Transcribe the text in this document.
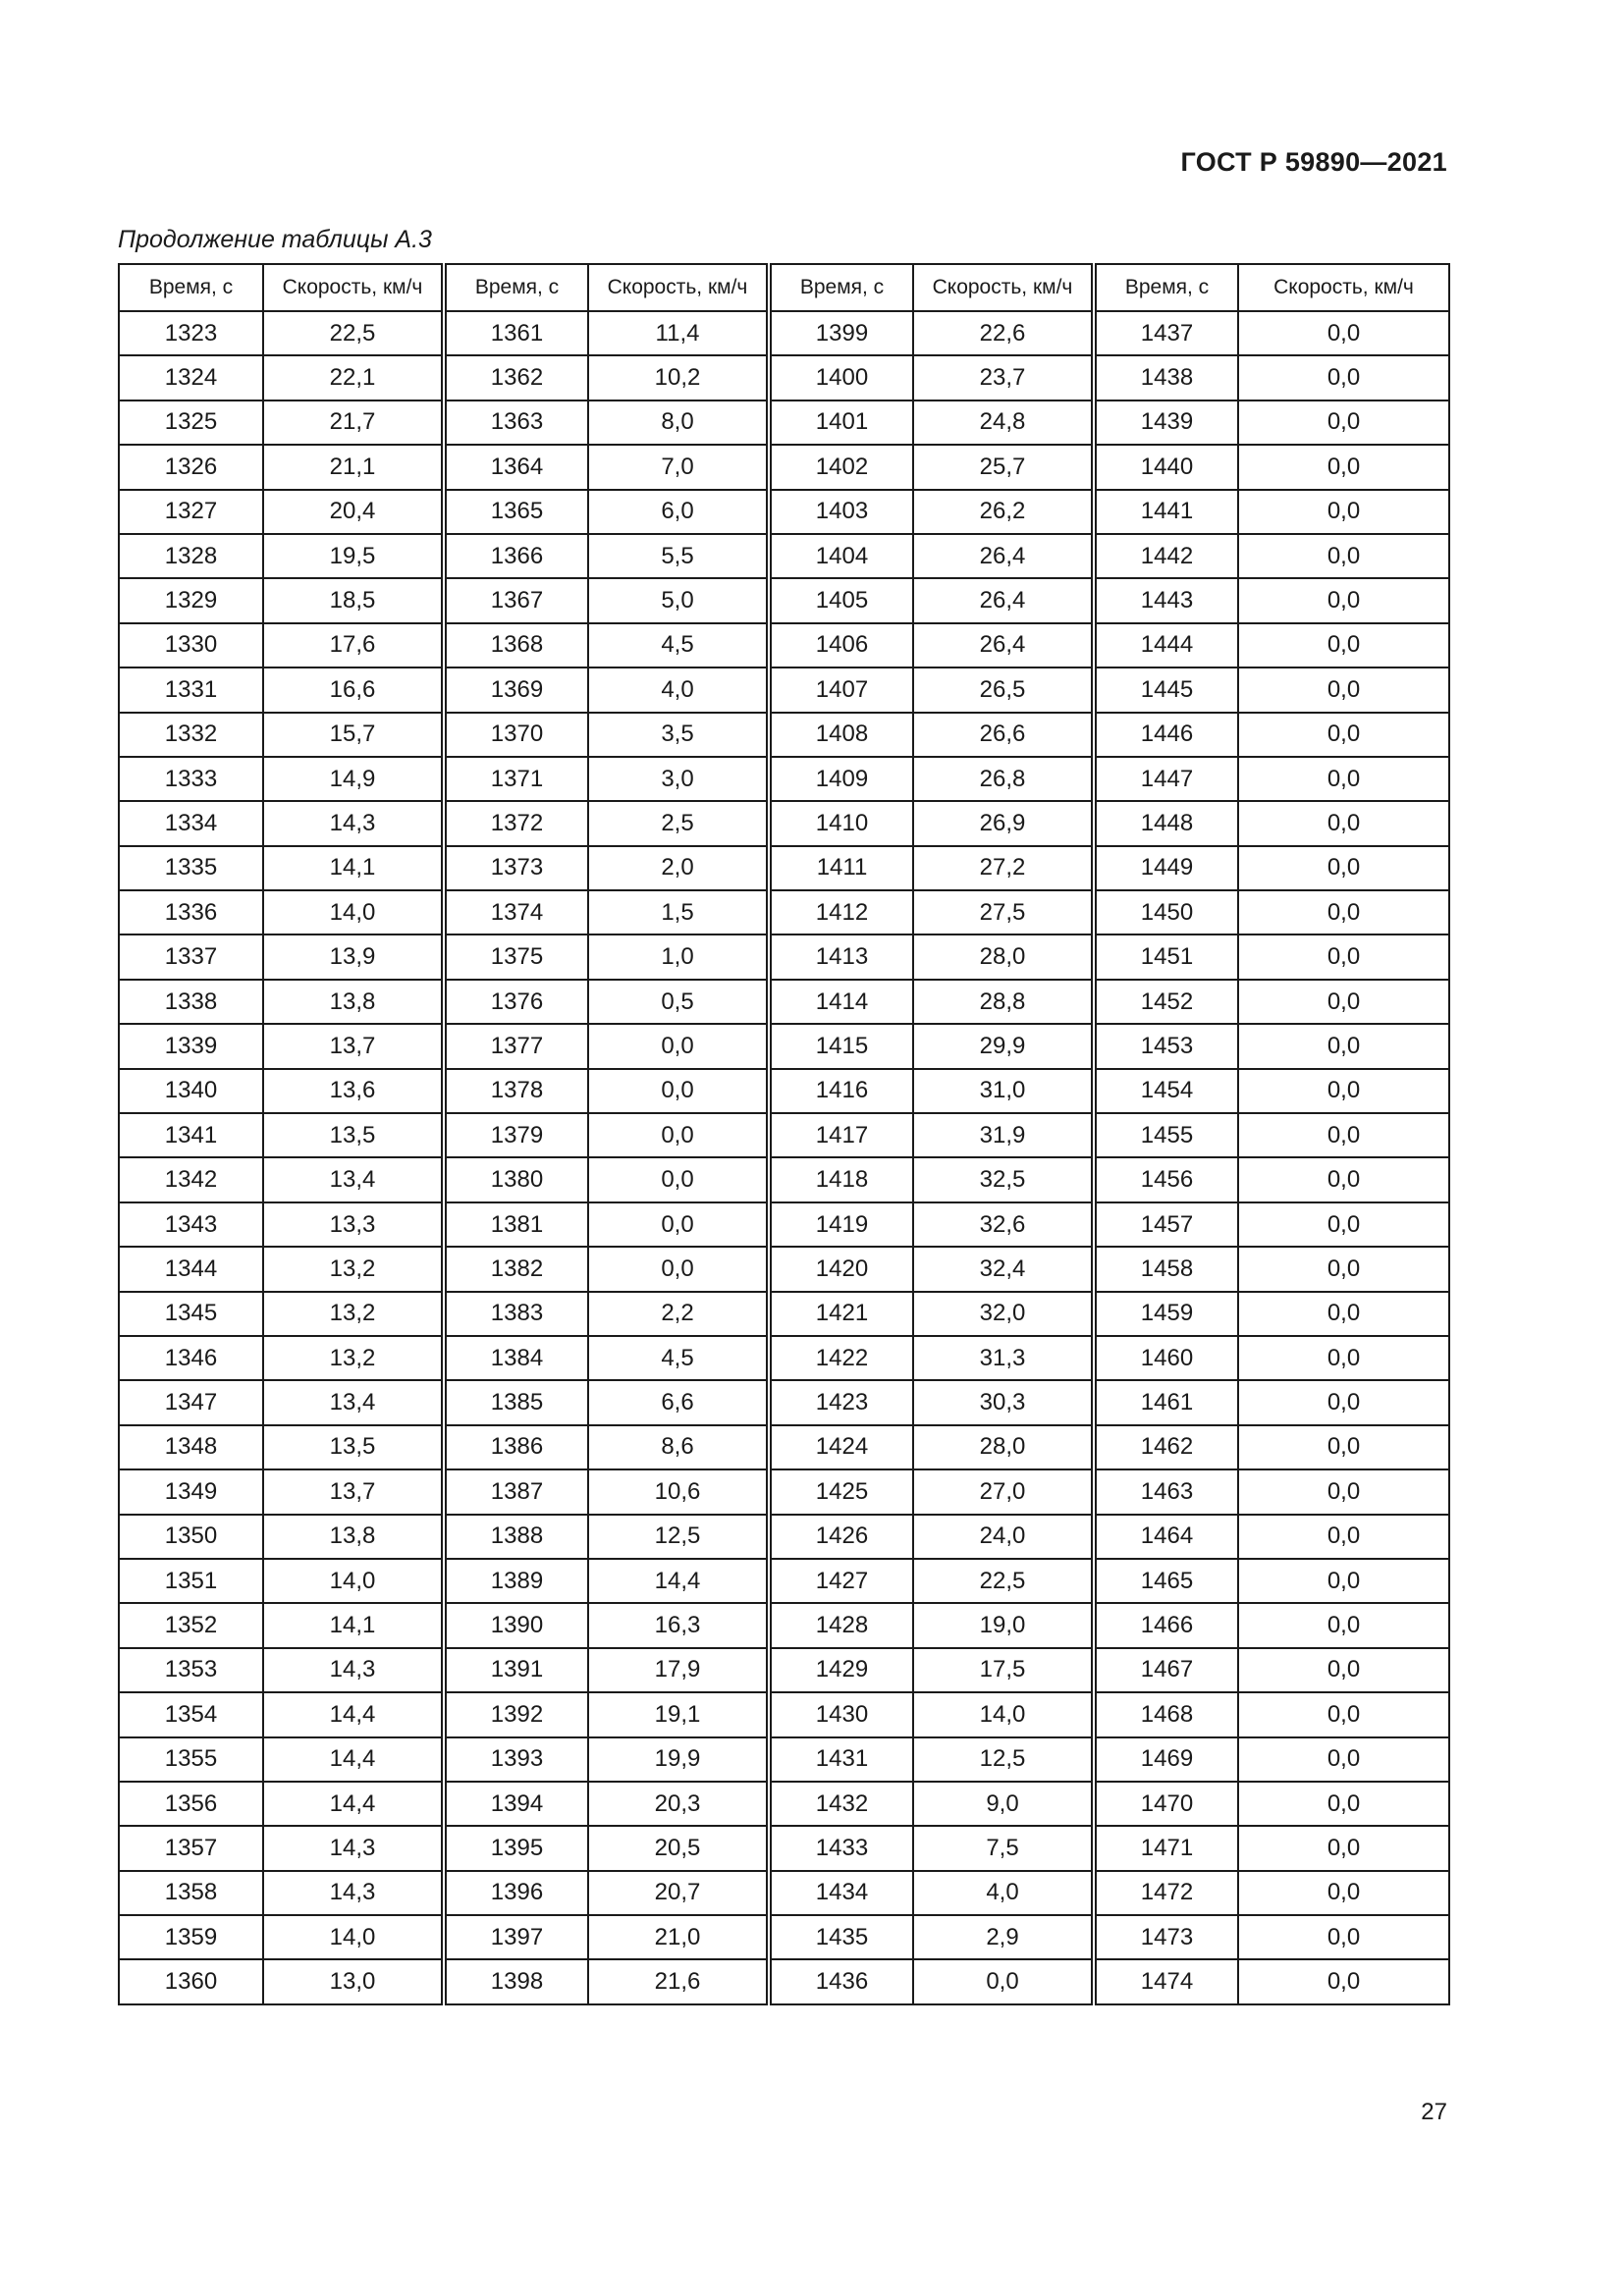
ГОСТ Р 59890—2021
Продолжение таблицы А.3
Время, с	Скорость, км/ч	Время, с	Скорость, км/ч	Время, с	Скорость, км/ч	Время, с	Скорость, км/ч
1323	22,5	1361	11,4	1399	22,6	1437	0,0
1324	22,1	1362	10,2	1400	23,7	1438	0,0
1325	21,7	1363	8,0	1401	24,8	1439	0,0
1326	21,1	1364	7,0	1402	25,7	1440	0,0
1327	20,4	1365	6,0	1403	26,2	1441	0,0
1328	19,5	1366	5,5	1404	26,4	1442	0,0
1329	18,5	1367	5,0	1405	26,4	1443	0,0
1330	17,6	1368	4,5	1406	26,4	1444	0,0
1331	16,6	1369	4,0	1407	26,5	1445	0,0
1332	15,7	1370	3,5	1408	26,6	1446	0,0
1333	14,9	1371	3,0	1409	26,8	1447	0,0
1334	14,3	1372	2,5	1410	26,9	1448	0,0
1335	14,1	1373	2,0	1411	27,2	1449	0,0
1336	14,0	1374	1,5	1412	27,5	1450	0,0
1337	13,9	1375	1,0	1413	28,0	1451	0,0
1338	13,8	1376	0,5	1414	28,8	1452	0,0
1339	13,7	1377	0,0	1415	29,9	1453	0,0
1340	13,6	1378	0,0	1416	31,0	1454	0,0
1341	13,5	1379	0,0	1417	31,9	1455	0,0
1342	13,4	1380	0,0	1418	32,5	1456	0,0
1343	13,3	1381	0,0	1419	32,6	1457	0,0
1344	13,2	1382	0,0	1420	32,4	1458	0,0
1345	13,2	1383	2,2	1421	32,0	1459	0,0
1346	13,2	1384	4,5	1422	31,3	1460	0,0
1347	13,4	1385	6,6	1423	30,3	1461	0,0
1348	13,5	1386	8,6	1424	28,0	1462	0,0
1349	13,7	1387	10,6	1425	27,0	1463	0,0
1350	13,8	1388	12,5	1426	24,0	1464	0,0
1351	14,0	1389	14,4	1427	22,5	1465	0,0
1352	14,1	1390	16,3	1428	19,0	1466	0,0
1353	14,3	1391	17,9	1429	17,5	1467	0,0
1354	14,4	1392	19,1	1430	14,0	1468	0,0
1355	14,4	1393	19,9	1431	12,5	1469	0,0
1356	14,4	1394	20,3	1432	9,0	1470	0,0
1357	14,3	1395	20,5	1433	7,5	1471	0,0
1358	14,3	1396	20,7	1434	4,0	1472	0,0
1359	14,0	1397	21,0	1435	2,9	1473	0,0
1360	13,0	1398	21,6	1436	0,0	1474	0,0
27
